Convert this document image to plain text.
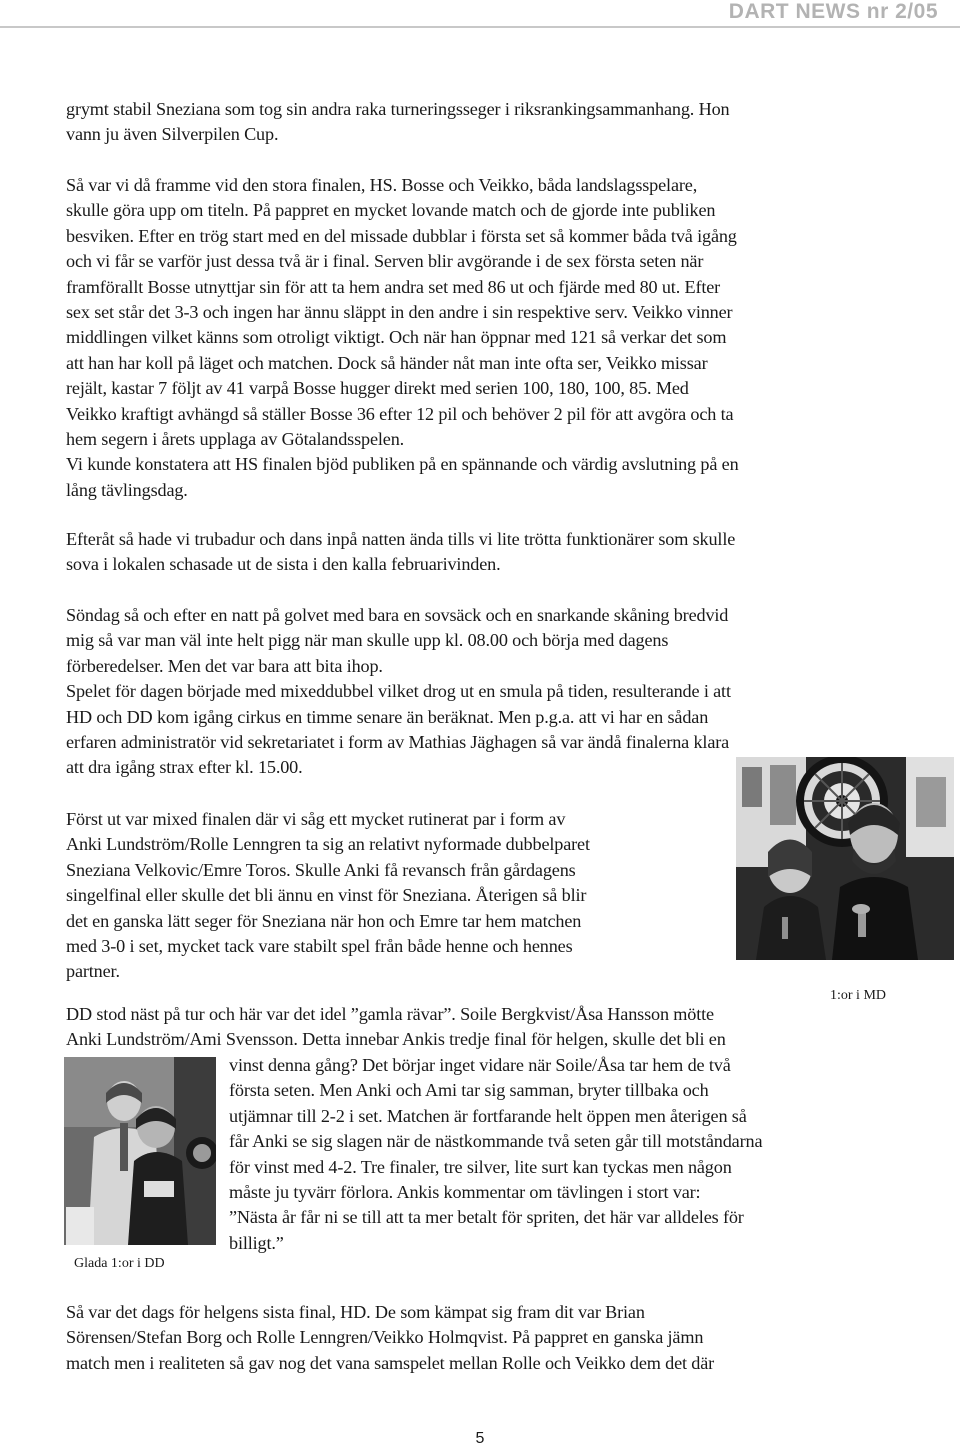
DART NEWS nr 2/05
grymt stabil Sneziana som tog sin andra raka turneringsseger i riksrankingsammanhang. Hon
vann ju även Silverpilen Cup.
Så var vi då framme vid den stora finalen, HS. Bosse och Veikko, båda landslagsspelare,
skulle göra upp om titeln. På pappret en mycket lovande match och de gjorde inte publiken
besviken. Efter en trög start med en del missade dubblar i första set så kommer båda två igång
och vi får se varför just dessa två är i final. Serven blir avgörande i de sex första seten när
framförallt Bosse utnyttjar sin för att ta hem andra set med 86 ut och fjärde med 80 ut. Efter
sex set står det 3-3 och ingen har ännu släppt in den andre i sin respektive serv. Veikko vinner
middlingen vilket känns som otroligt viktigt. Och när han öppnar med 121 så verkar det som
att han har koll på läget och matchen. Dock så händer nåt man inte ofta ser, Veikko missar
rejält, kastar 7 följt av 41 varpå Bosse hugger direkt med serien 100, 180, 100, 85. Med
Veikko kraftigt avhängd så ställer Bosse 36 efter 12 pil och behöver 2 pil för att avgöra och ta
hem segern i årets upplaga av Götalandsspelen.
Vi kunde konstatera att HS finalen bjöd publiken på en spännande och värdig avslutning på en
lång tävlingsdag.
Efteråt så hade vi trubadur och dans inpå natten ända tills vi lite trötta funktionärer som skulle
sova i lokalen schasade ut de sista i den kalla februarivinden.
Söndag så och efter en natt på golvet med bara en sovsäck och en snarkande skåning bredvid
mig så var man väl inte helt pigg när man skulle upp kl. 08.00 och börja med dagens
förberedelser. Men det var bara att bita ihop.
Spelet för dagen började med mixeddubbel vilket drog ut en smula på tiden, resulterande i att
HD och DD kom igång cirkus en timme senare än beräknat. Men p.g.a. att vi har en sådan
erfaren administratör vid sekretariatet i form av Mathias Jäghagen så var ändå finalerna klara
att dra igång strax efter kl. 15.00.
Först ut var mixed finalen där vi såg ett mycket rutinerat par i form av
Anki Lundström/Rolle Lenngren ta sig an relativt nyformade dubbelparet
Sneziana Velkovic/Emre Toros. Skulle Anki få revansch från gårdagens
singelfinal eller skulle det bli ännu en vinst för Sneziana. Återigen så blir
det en ganska lätt seger för Sneziana när hon och Emre tar hem matchen
med 3-0 i set, mycket tack vare stabilt spel från både henne och hennes
partner.
1:or i MD
DD stod näst på tur och här var det idel ”gamla rävar”. Soile Bergkvist/Åsa Hansson mötte
Anki Lundström/Ami Svensson. Detta innebar Ankis tredje final för helgen, skulle det bli en
vinst denna gång? Det börjar inget vidare när Soile/Åsa tar hem de två
första seten. Men Anki och Ami tar sig samman, bryter tillbaka och
utjämnar till 2-2 i set. Matchen är fortfarande helt öppen men återigen så
får Anki se sig slagen när de nästkommande två seten går till motståndarna
för vinst med 4-2. Tre finaler, tre silver, lite surt kan tyckas men någon
måste ju tyvärr förlora. Ankis kommentar om tävlingen i stort var:
”Nästa år får ni se till att ta mer betalt för spriten, det här var alldeles för
billigt.”
Glada 1:or i DD
Så var det dags för helgens sista final, HD. De som kämpat sig fram dit var Brian
Sörensen/Stefan Borg och Rolle Lenngren/Veikko Holmqvist. På pappret en ganska jämn
match men i realiteten så gav nog det vana samspelet mellan Rolle och Veikko dem det där
5
